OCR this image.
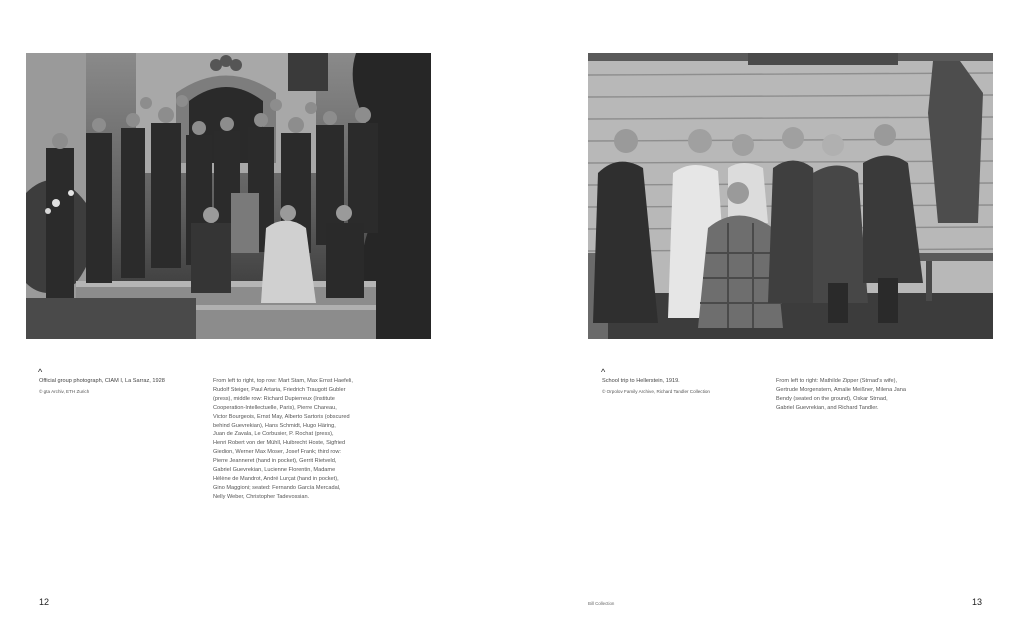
^
Official group photograph, CIAM I, La Sarraz, 1928
© gta Archiv, ETH Zurich
From left to right, top row: Mart Stam, Max Ernst Haefeli,
Rudolf Steiger, Paul Artaria, Friedrich Traugott Gubler
(press), middle row: Richard Dupierreux (Institute
Cooperation-Intellectuelle, Paris), Pierre Chareau,
Victor Bourgeois, Ernst May, Alberto Sartoris (obscured
behind Guevrekian), Hans Schmidt, Hugo Häring,
Juan de Zavala, Le Corbusier, P. Rochat (press),
Henri Robert von der Mühll, Huibrecht Hoste, Sigfried
Giedion, Werner Max Moser, Josef Frank; third row:
Pierre Jeanneret (hand in pocket), Gerrit Rietveld,
Gabriel Guevrekian, Lucienne Florentin, Madame
Hélène de Mandrot, André Lurçat (hand in pocket),
Gino Maggioni; seated: Fernando García Mercadal,
Nelly Weber, Christopher Tadevossian.
12
^
School trip to Hellerstein, 1919.
© Orpolov Family Archive, Richard Tandler Collection
From left to right: Mathilde Zipper (Strnad's wife),
Gertrude Morgenstern, Amalie Meißner, Milena Jana
Bendy (seated on the ground), Oskar Strnad,
Gabriel Guevrekian, and Richard Tandler.
Bill Collection	13
